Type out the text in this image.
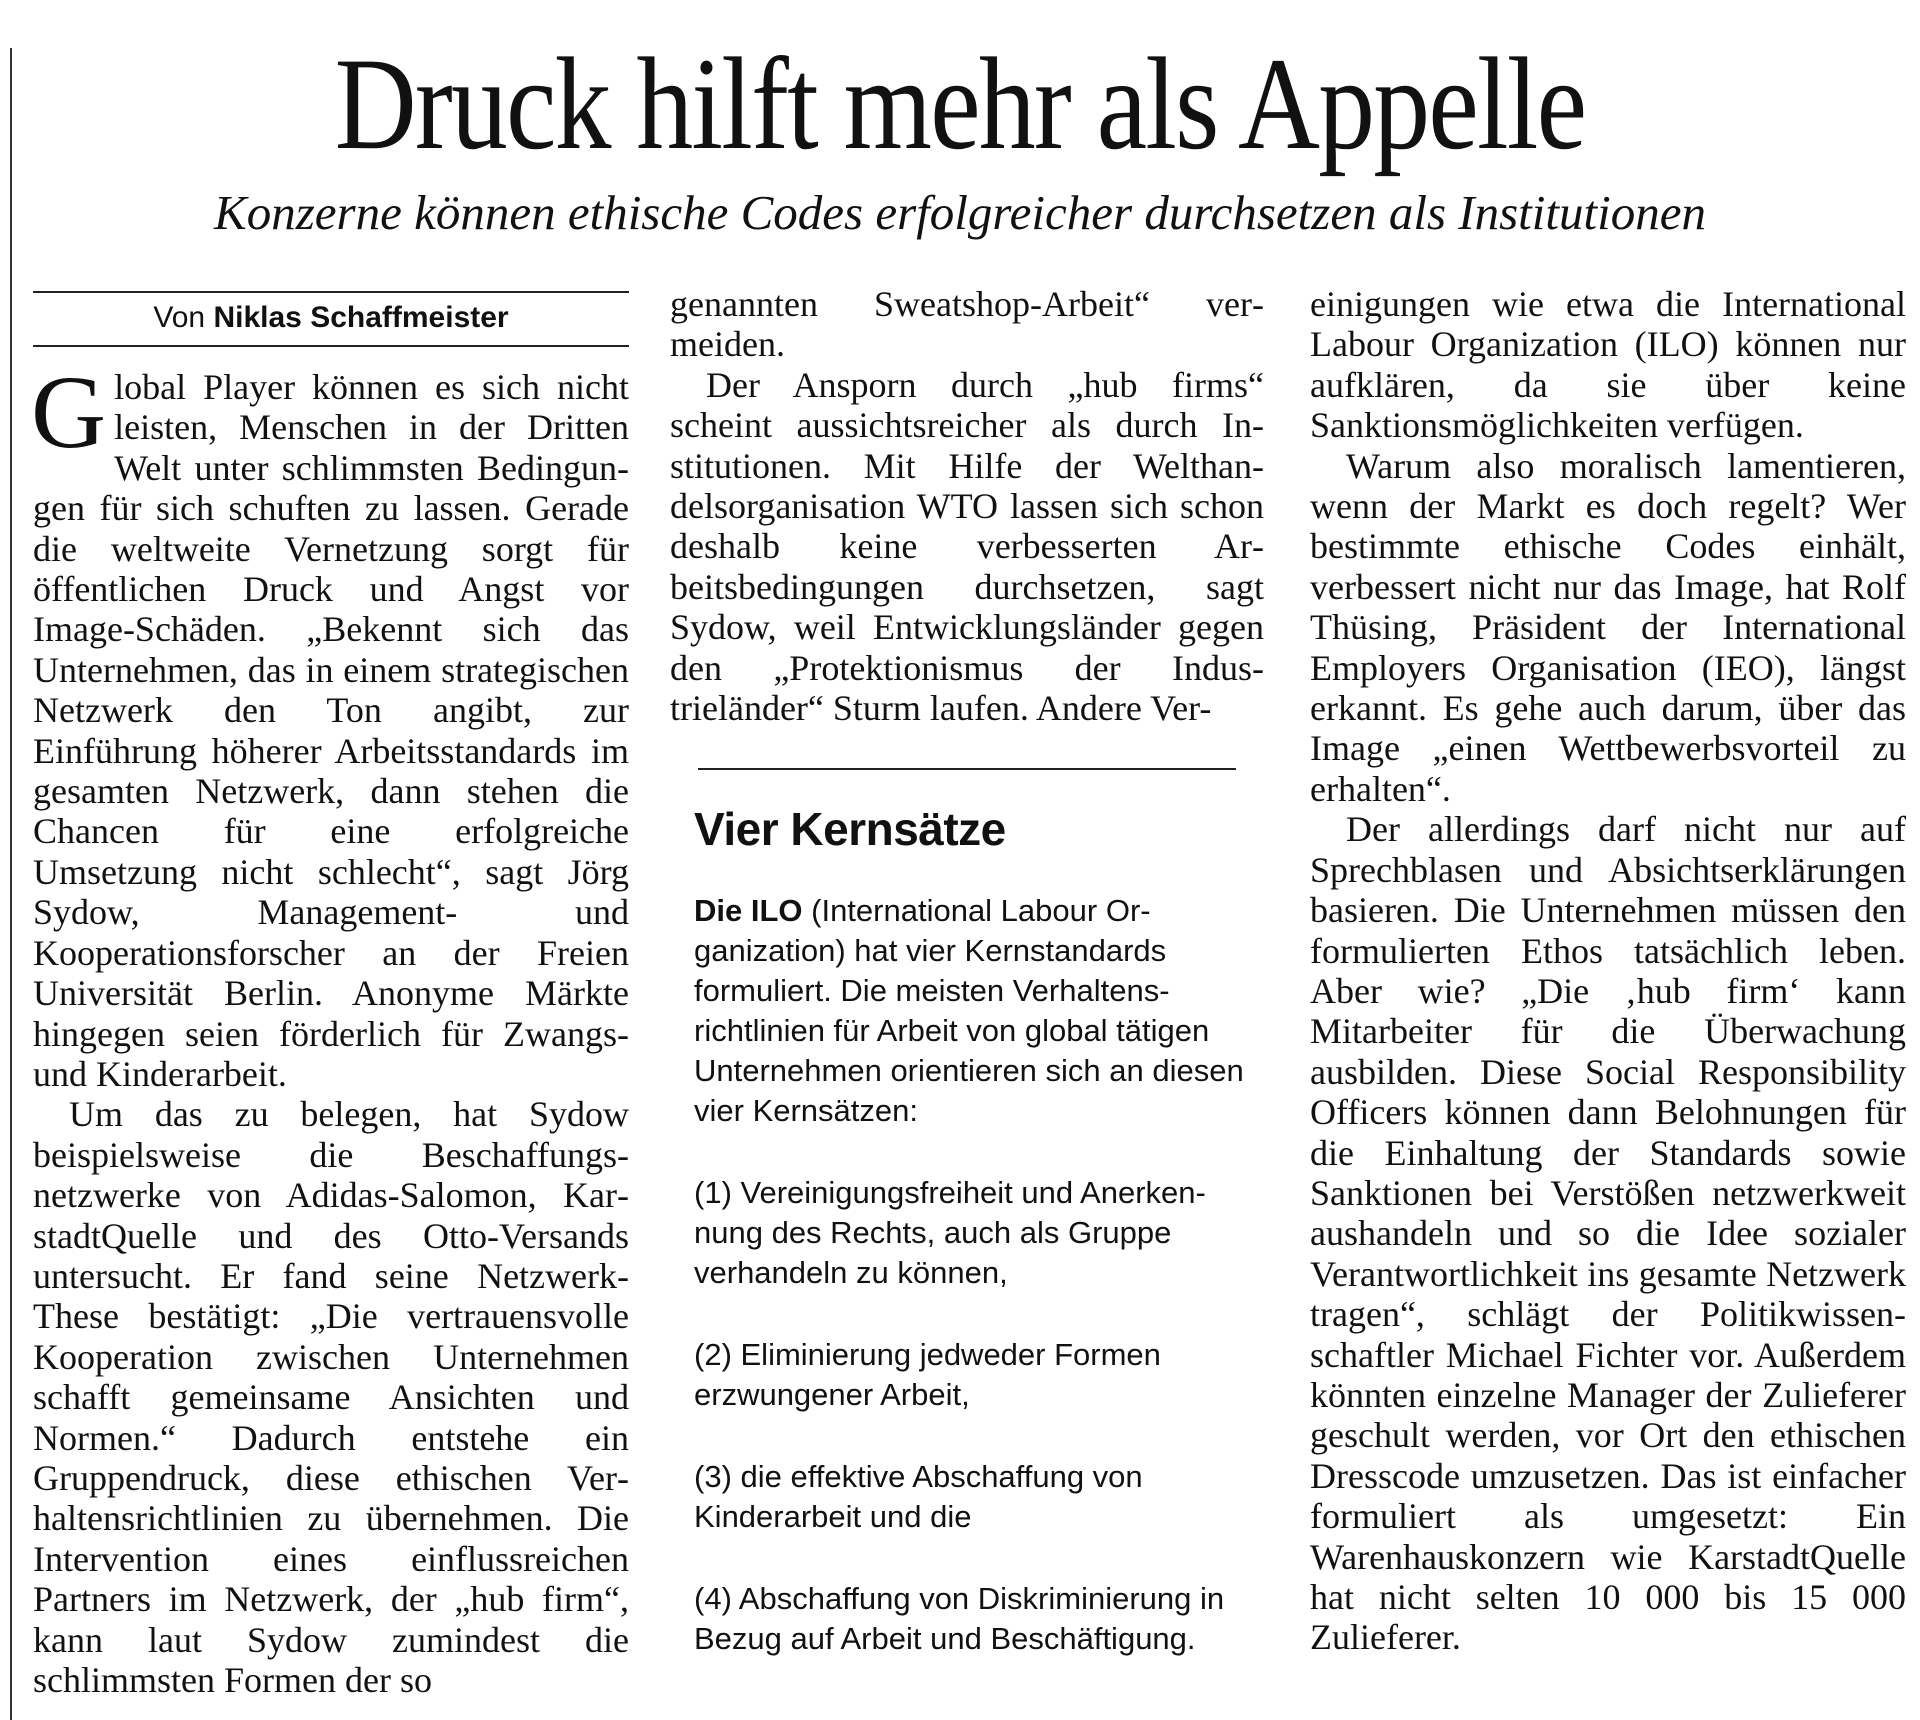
Druck hilft mehr als Appelle
Konzerne können ethische Codes erfolgreicher durchsetzen als Institutionen
Von Niklas Schaffmeister

Global Player können es sich nicht leisten, Menschen in der Dritten Welt unter schlimmsten Bedingungen für sich schuften zu lassen. Gerade die weltweite Vernetzung sorgt für öffentlichen Druck und Angst vor Image-Schäden. „Bekennt sich das Unternehmen, das in einem strategischen Netzwerk den Ton angibt, zur Einführung höherer Arbeitsstandards im gesamten Netzwerk, dann stehen die Chancen für eine erfolgreiche Umsetzung nicht schlecht“, sagt Jörg Sydow, Management- und Kooperationsforscher an der Freien Universität Berlin. Anonyme Märkte hingegen seien förderlich für Zwangs- und Kinderarbeit.

Um das zu belegen, hat Sydow beispielsweise die Beschaffungsnetzwerke von Adidas-Salomon, KarstadtQuelle und des Otto-Versands untersucht. Er fand seine Netzwerk-These bestätigt: „Die vertrauensvolle Kooperation zwischen Unternehmen schafft gemeinsame Ansichten und Normen.“ Dadurch entstehe ein Gruppendruck, diese ethischen Verhaltensrichtlinien zu übernehmen. Die Intervention eines einflussreichen Partners im Netzwerk, der „hub firm“, kann laut Sydow zumindest die schlimmsten Formen der so

genannten Sweatshop-Arbeit“ vermeiden.

Der Ansporn durch „hub firms“ scheint aussichtsreicher als durch Institutionen. Mit Hilfe der Welthandelsorganisation WTO lassen sich schon deshalb keine verbesserten Arbeitsbedingungen durchsetzen, sagt Sydow, weil Entwicklungsländer gegen den „Protektionismus der Industrieländer“ Sturm laufen. Andere Ver-

Vier Kernsätze

Die ILO (International Labour Organization) hat vier Kernstandards formuliert. Die meisten Verhaltensrichtlinien für Arbeit von global tätigen Unternehmen orientieren sich an diesen vier Kernsätzen:

(1) Vereinigungsfreiheit und Anerkennung des Rechts, auch als Gruppe verhandeln zu können,

(2) Eliminierung jedweder Formen erzwungener Arbeit,

(3) die effektive Abschaffung von Kinderarbeit und die

(4) Abschaffung von Diskriminierung in Bezug auf Arbeit und Beschäftigung.

einigungen wie etwa die International Labour Organization (ILO) können nur aufklären, da sie über keine Sanktionsmöglichkeiten verfügen.

Warum also moralisch lamentieren, wenn der Markt es doch regelt? Wer bestimmte ethische Codes einhält, verbessert nicht nur das Image, hat Rolf Thüsing, Präsident der International Employers Organisation (IEO), längst erkannt. Es gehe auch darum, über das Image „einen Wettbewerbsvorteil zu erhalten“.

Der allerdings darf nicht nur auf Sprechblasen und Absichtserklärungen basieren. Die Unternehmen müssen den formulierten Ethos tatsächlich leben. Aber wie? „Die ‚hub firm‘ kann Mitarbeiter für die Überwachung ausbilden. Diese Social Responsibility Officers können dann Belohnungen für die Einhaltung der Standards sowie Sanktionen bei Verstößen netzwerkweit aushandeln und so die Idee sozialer Verantwortlichkeit ins gesamte Netzwerk tragen“, schlägt der Politikwissenschaftler Michael Fichter vor. Außerdem könnten einzelne Manager der Zulieferer geschult werden, vor Ort den ethischen Dresscode umzusetzen. Das ist einfacher formuliert als umgesetzt: Ein Warenhauskonzern wie KarstadtQuelle hat nicht selten 10 000 bis 15 000 Zulieferer.
